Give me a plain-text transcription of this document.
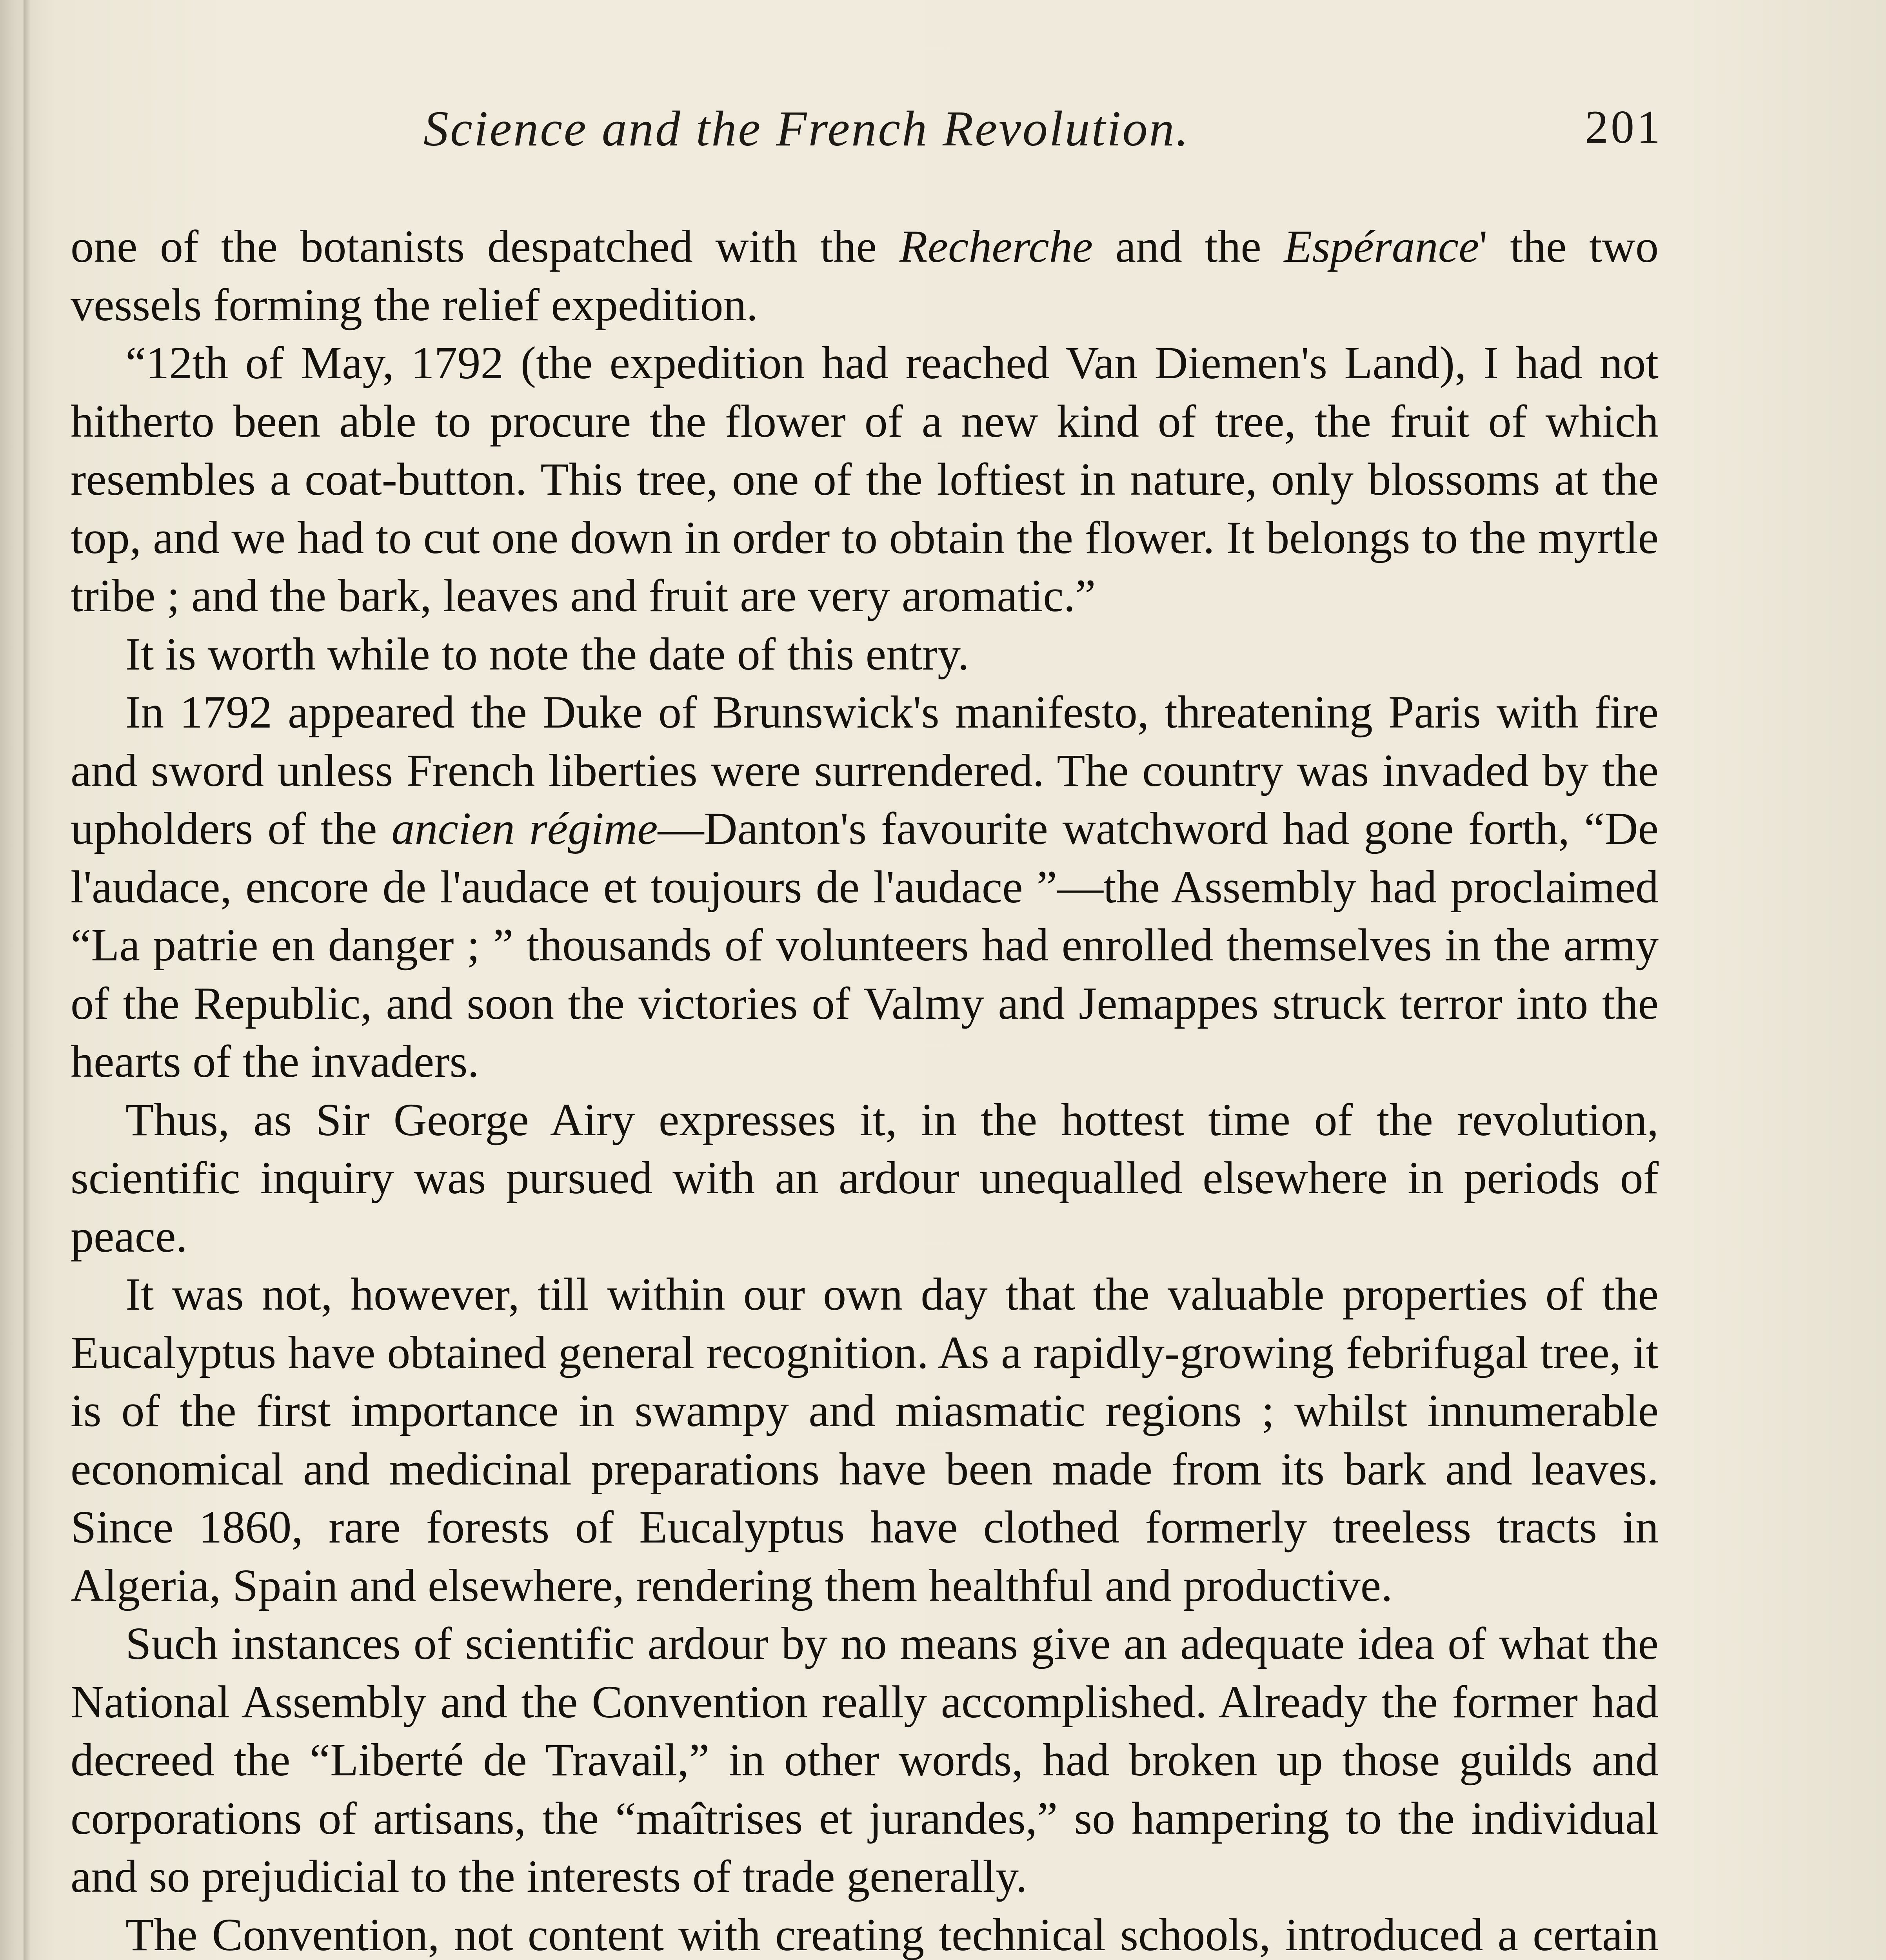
Science and the French Revolution.	201

one of the botanists despatched with the Recherche and the Espérance' the two vessels forming the relief expedition.

“12th of May, 1792 (the expedition had reached Van Diemen's Land), I had not hitherto been able to procure the flower of a new kind of tree, the fruit of which resembles a coat-button. This tree, one of the loftiest in nature, only blossoms at the top, and we had to cut one down in order to obtain the flower. It belongs to the myrtle tribe ; and the bark, leaves and fruit are very aromatic.”

It is worth while to note the date of this entry.

In 1792 appeared the Duke of Brunswick's manifesto, threatening Paris with fire and sword unless French liberties were surrendered. The country was invaded by the upholders of the ancien régime—Danton's favourite watchword had gone forth, “De l'audace, encore de l'audace et toujours de l'audace ”—the Assembly had proclaimed “La patrie en danger ; ” thousands of volunteers had enrolled themselves in the army of the Republic, and soon the victories of Valmy and Jemappes struck terror into the hearts of the invaders.

Thus, as Sir George Airy expresses it, in the hottest time of the revolution, scientific inquiry was pursued with an ardour unequalled elsewhere in periods of peace.

It was not, however, till within our own day that the valuable properties of the Eucalyptus have obtained general recognition. As a rapidly-growing febrifugal tree, it is of the first importance in swampy and miasmatic regions ; whilst innumerable economical and medicinal preparations have been made from its bark and leaves. Since 1860, rare forests of Eucalyptus have clothed formerly treeless tracts in Algeria, Spain and elsewhere, rendering them healthful and productive.

Such instances of scientific ardour by no means give an adequate idea of what the National Assembly and the Convention really accomplished. Already the former had decreed the “Liberté de Travail,” in other words, had broken up those guilds and corporations of artisans, the “maîtrises et jurandes,” so hampering to the individual and so prejudicial to the interests of trade generally.

The Convention, not content with creating technical schools, introduced a certain
